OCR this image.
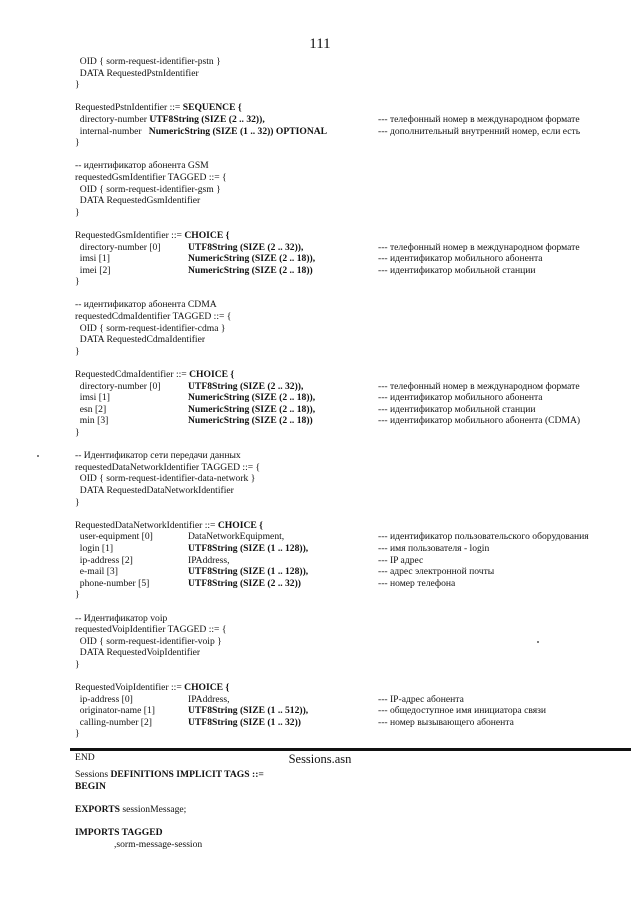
111
OID { sorm-request-identifier-pstn }
DATA RequestedPstnIdentifier
}
RequestedPstnIdentifier ::= SEQUENCE {
directory-number UTF8String (SIZE (2 .. 32)),	--- телефонный номер в международном формате
internal-number   NumericString (SIZE (1 .. 32)) OPTIONAL	--- дополнительный внутренний номер, если есть
}
-- идентификатор абонента GSM
requestedGsmIdentifier TAGGED ::= {
OID { sorm-request-identifier-gsm }
DATA RequestedGsmIdentifier
}
RequestedGsmIdentifier ::= CHOICE {
directory-number [0]	UTF8String (SIZE (2 .. 32)),	--- телефонный номер в международном формате
imsi [1]	NumericString (SIZE (2 .. 18)),	--- идентификатор мобильного абонента
imei [2]	NumericString (SIZE (2 .. 18))	--- идентификатор мобильной станции
}
-- идентификатор абонента CDMA
requestedCdmaIdentifier TAGGED ::= {
OID { sorm-request-identifier-cdma }
DATA RequestedCdmaIdentifier
}
RequestedCdmaIdentifier ::= CHOICE {
directory-number [0]	UTF8String (SIZE (2 .. 32)),	--- телефонный номер в международном формате
imsi [1]	NumericString (SIZE (2 .. 18)),	--- идентификатор мобильного абонента
esn [2]	NumericString (SIZE (2 .. 18)),	--- идентификатор мобильной станции
min [3]	NumericString (SIZE (2 .. 18))	--- идентификатор мобильного абонента (CDMA)
}
-- Идентификатор сети передачи данных
requestedDataNetworkIdentifier TAGGED ::= {
OID { sorm-request-identifier-data-network }
DATA RequestedDataNetworkIdentifier
}
RequestedDataNetworkIdentifier ::= CHOICE {
user-equipment [0]	DataNetworkEquipment,	--- идентификатор пользовательского оборудования
login [1]	UTF8String (SIZE (1 .. 128)),	--- имя пользователя - login
ip-address [2]	IPAddress,	--- IP адрес
e-mail [3]	UTF8String (SIZE (1 .. 128)),	--- адрес электронной почты
phone-number [5]	UTF8String (SIZE (2 .. 32))	--- номер телефона
}
-- Идентификатор voip
requestedVoipIdentifier TAGGED ::= {
OID { sorm-request-identifier-voip }
DATA RequestedVoipIdentifier
}
RequestedVoipIdentifier ::= CHOICE {
ip-address [0]	IPAddress,	--- IP-адрес абонента
originator-name [1]	UTF8String (SIZE (1 .. 512)),	--- общедоступное имя инициатора связи
calling-number [2]	UTF8String (SIZE (1 .. 32))	--- номер вызывающего абонента
}
END	Sessions.asn
Sessions DEFINITIONS IMPLICIT TAGS ::=
BEGIN
EXPORTS sessionMessage;
IMPORTS TAGGED
,sorm-message-session
